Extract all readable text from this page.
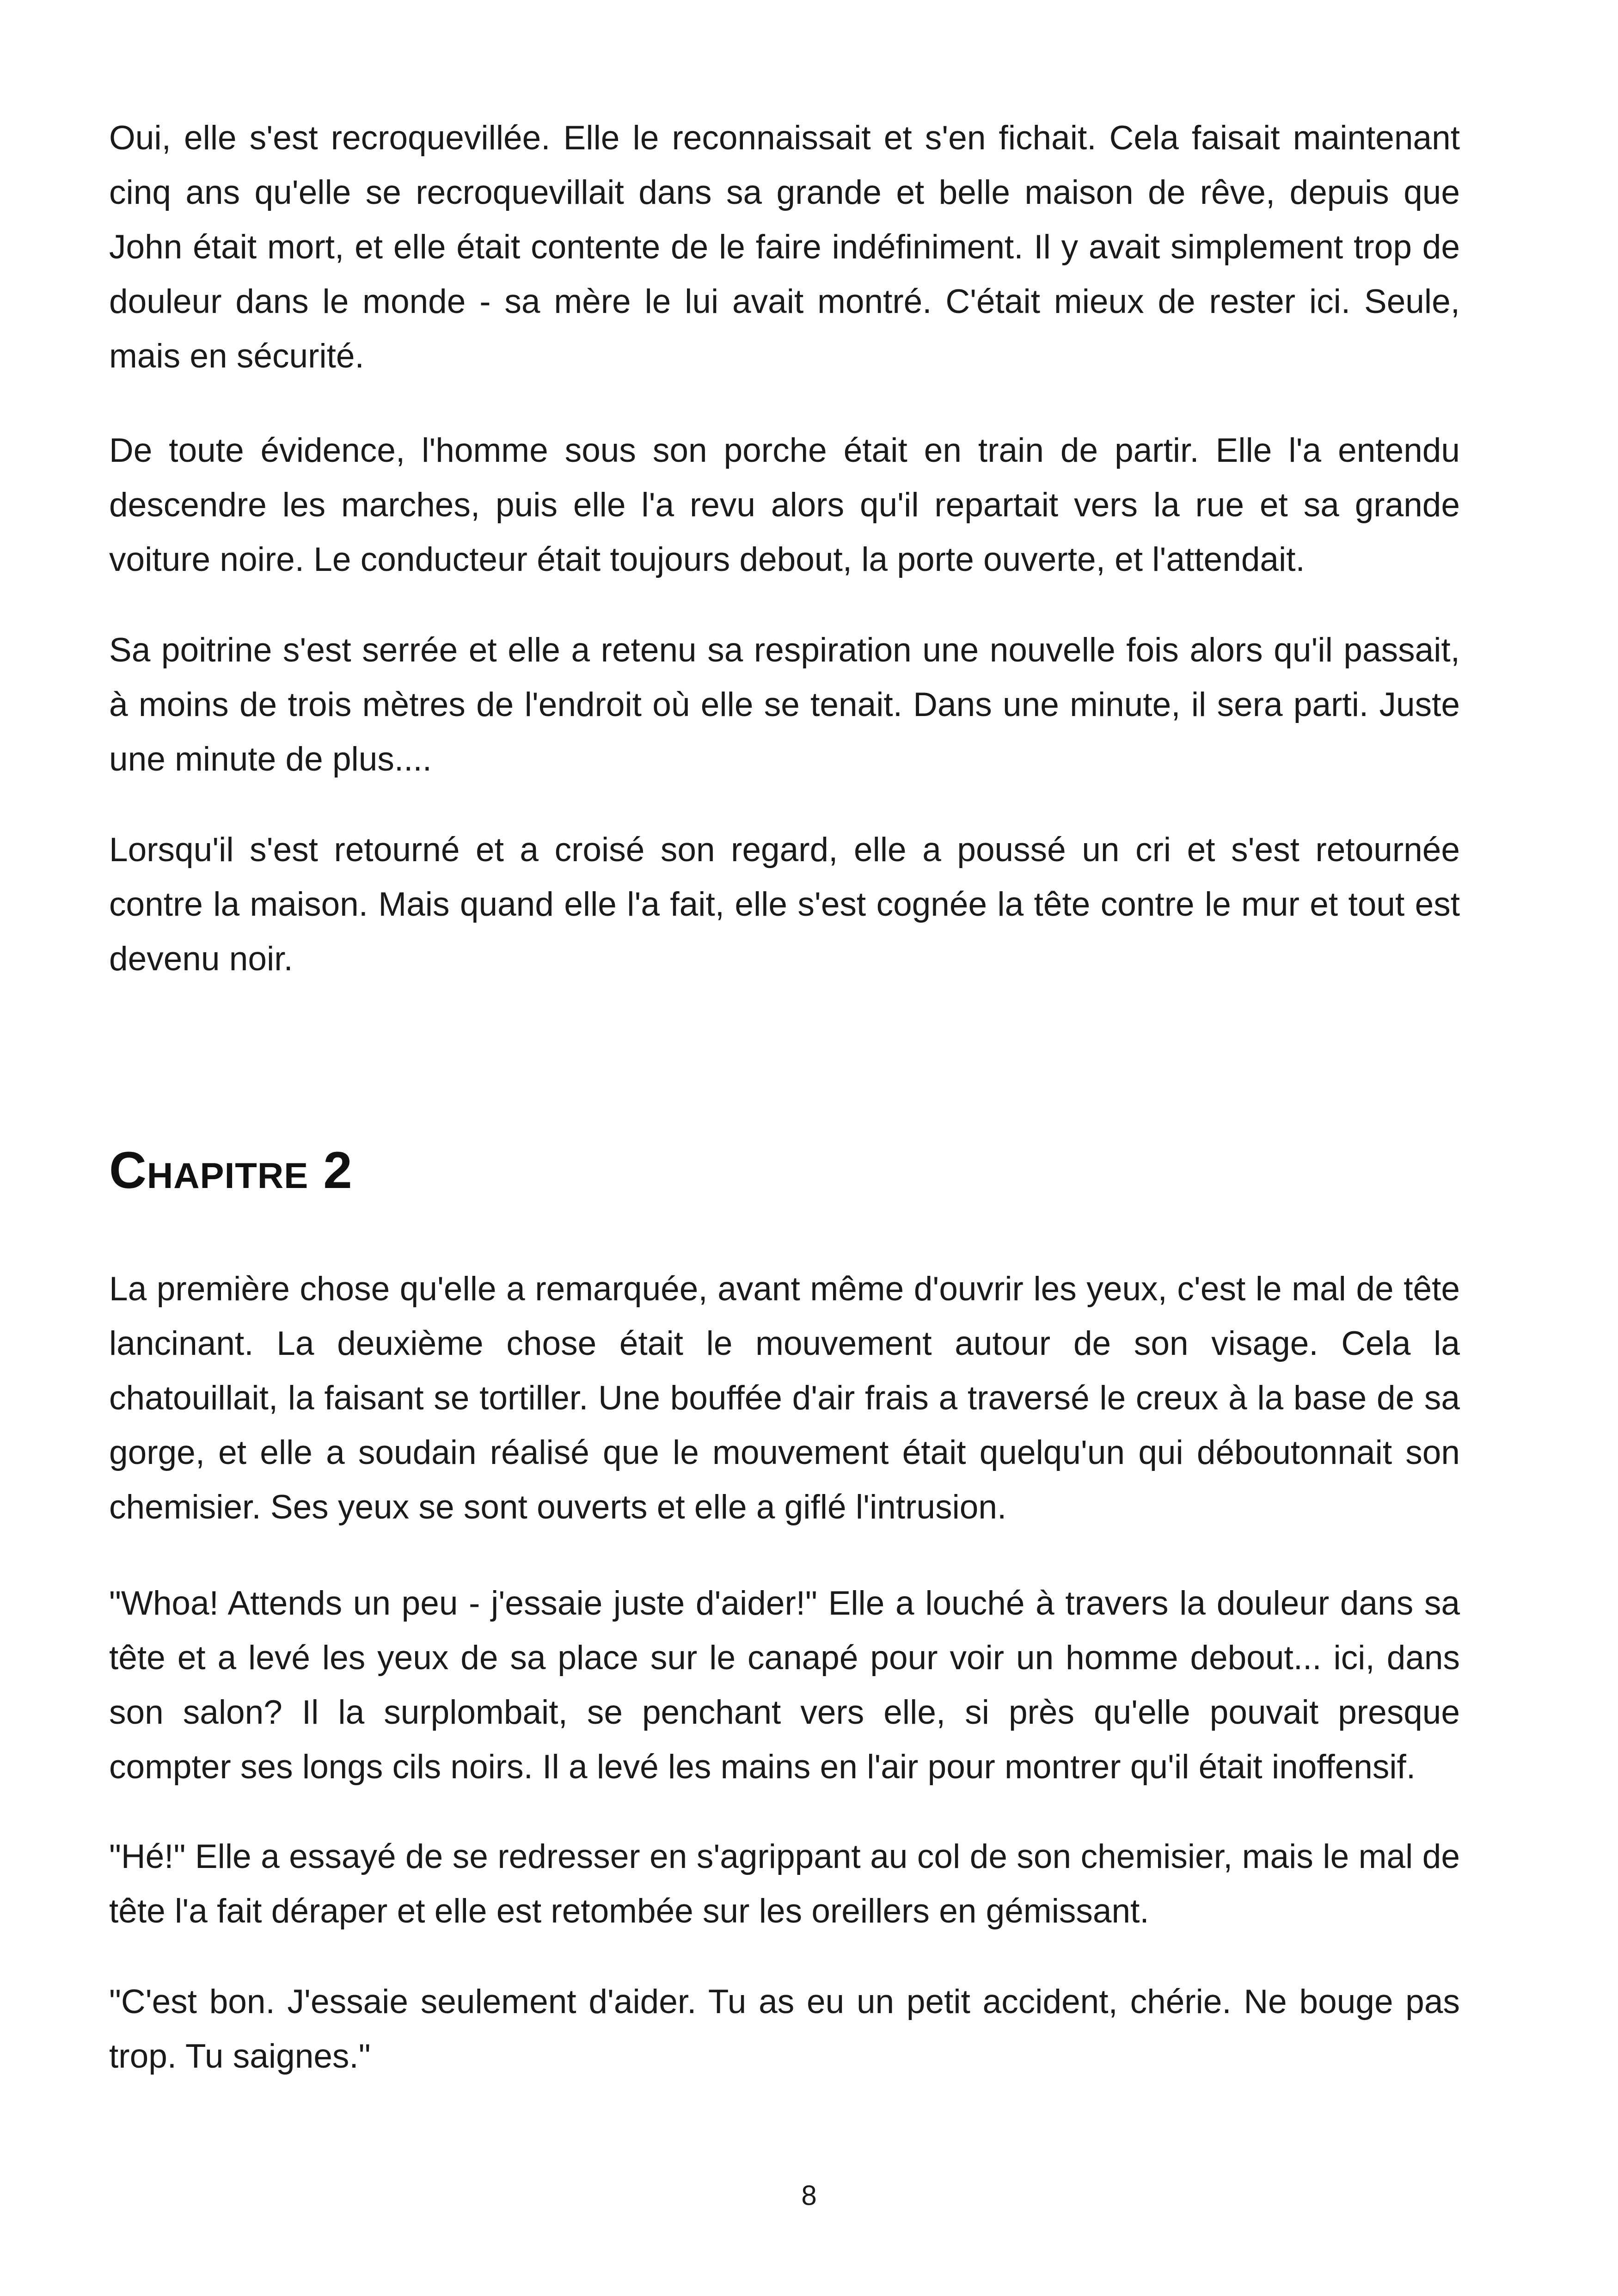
Oui, elle s'est recroquevillée. Elle le reconnaissait et s'en fichait. Cela faisait maintenant cinq ans qu'elle se recroquevillait dans sa grande et belle maison de rêve, depuis que John était mort, et elle était contente de le faire indéfiniment. Il y avait simplement trop de douleur dans le monde - sa mère le lui avait montré. C'était mieux de rester ici. Seule, mais en sécurité.

De toute évidence, l'homme sous son porche était en train de partir. Elle l'a entendu descendre les marches, puis elle l'a revu alors qu'il repartait vers la rue et sa grande voiture noire. Le conducteur était toujours debout, la porte ouverte, et l'attendait.

Sa poitrine s'est serrée et elle a retenu sa respiration une nouvelle fois alors qu'il passait, à moins de trois mètres de l'endroit où elle se tenait. Dans une minute, il sera parti. Juste une minute de plus....

Lorsqu'il s'est retourné et a croisé son regard, elle a poussé un cri et s'est retournée contre la maison. Mais quand elle l'a fait, elle s'est cognée la tête contre le mur et tout est devenu noir.

Chapitre 2

La première chose qu'elle a remarquée, avant même d'ouvrir les yeux, c'est le mal de tête lancinant. La deuxième chose était le mouvement autour de son visage. Cela la chatouillait, la faisant se tortiller. Une bouffée d'air frais a traversé le creux à la base de sa gorge, et elle a soudain réalisé que le mouvement était quelqu'un qui déboutonnait son chemisier. Ses yeux se sont ouverts et elle a giflé l'intrusion.

"Whoa! Attends un peu - j'essaie juste d'aider!" Elle a louché à travers la douleur dans sa tête et a levé les yeux de sa place sur le canapé pour voir un homme debout... ici, dans son salon? Il la surplombait, se penchant vers elle, si près qu'elle pouvait presque compter ses longs cils noirs. Il a levé les mains en l'air pour montrer qu'il était inoffensif.

"Hé!" Elle a essayé de se redresser en s'agrippant au col de son chemisier, mais le mal de tête l'a fait déraper et elle est retombée sur les oreillers en gémissant.

"C'est bon. J'essaie seulement d'aider. Tu as eu un petit accident, chérie. Ne bouge pas trop. Tu saignes."

8
